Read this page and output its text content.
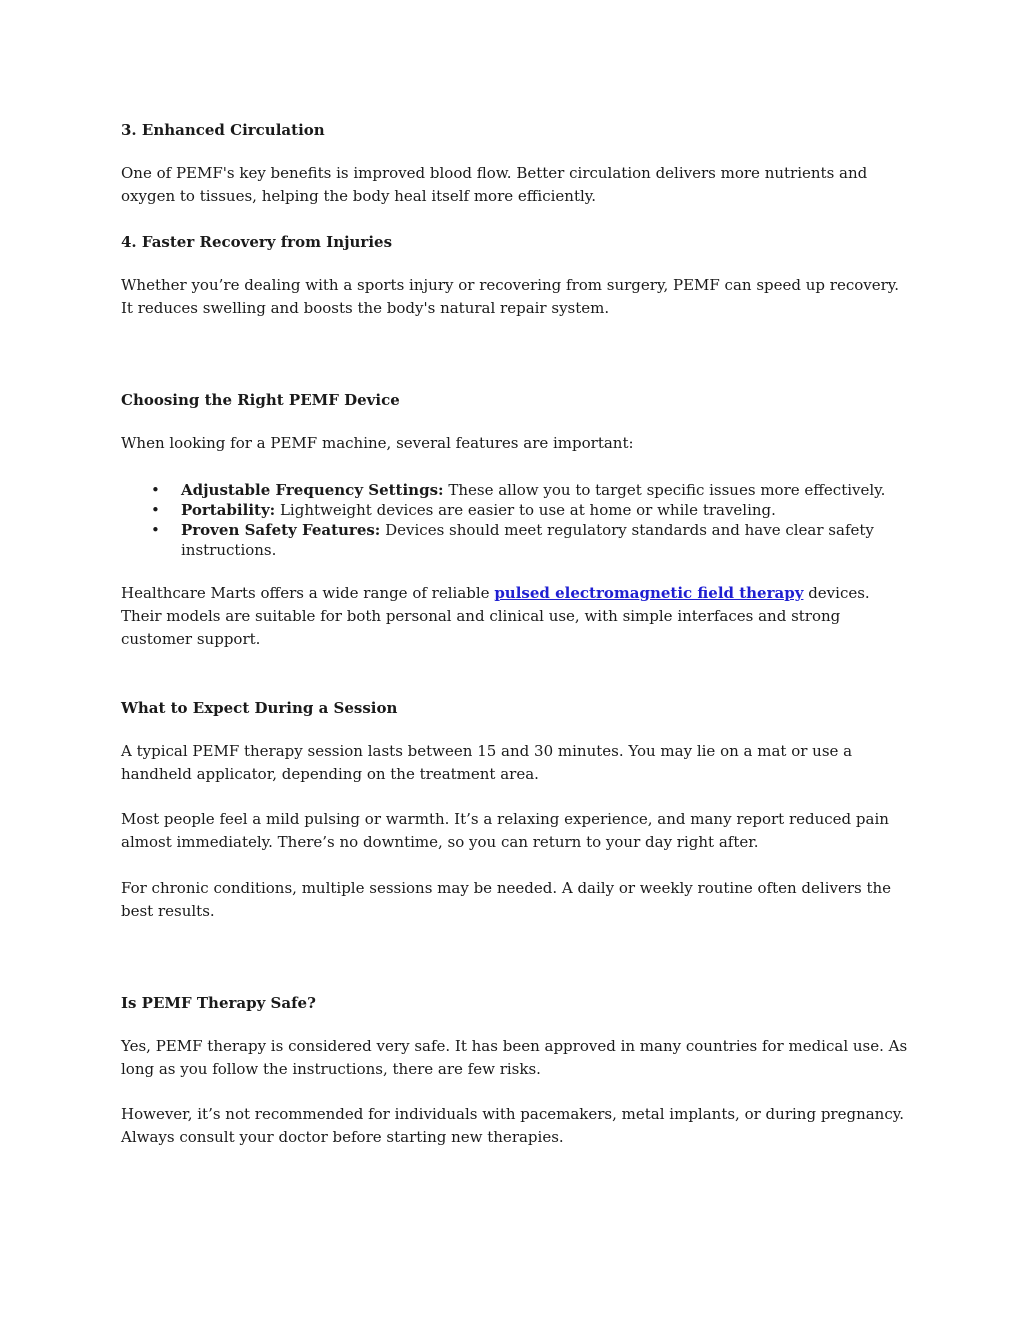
3. Enhanced Circulation

One of PEMF's key benefits is improved blood flow. Better circulation delivers more nutrients and oxygen to tissues, helping the body heal itself more efficiently.

4. Faster Recovery from Injuries

Whether you’re dealing with a sports injury or recovering from surgery, PEMF can speed up recovery. It reduces swelling and boosts the body's natural repair system.

Choosing the Right PEMF Device

When looking for a PEMF machine, several features are important:

• Adjustable Frequency Settings: These allow you to target specific issues more effectively.
• Portability: Lightweight devices are easier to use at home or while traveling.
• Proven Safety Features: Devices should meet regulatory standards and have clear safety instructions.

Healthcare Marts offers a wide range of reliable pulsed electromagnetic field therapy devices. Their models are suitable for both personal and clinical use, with simple interfaces and strong customer support.

What to Expect During a Session

A typical PEMF therapy session lasts between 15 and 30 minutes. You may lie on a mat or use a handheld applicator, depending on the treatment area.

Most people feel a mild pulsing or warmth. It’s a relaxing experience, and many report reduced pain almost immediately. There’s no downtime, so you can return to your day right after.

For chronic conditions, multiple sessions may be needed. A daily or weekly routine often delivers the best results.

Is PEMF Therapy Safe?

Yes, PEMF therapy is considered very safe. It has been approved in many countries for medical use. As long as you follow the instructions, there are few risks.

However, it’s not recommended for individuals with pacemakers, metal implants, or during pregnancy. Always consult your doctor before starting new therapies.
